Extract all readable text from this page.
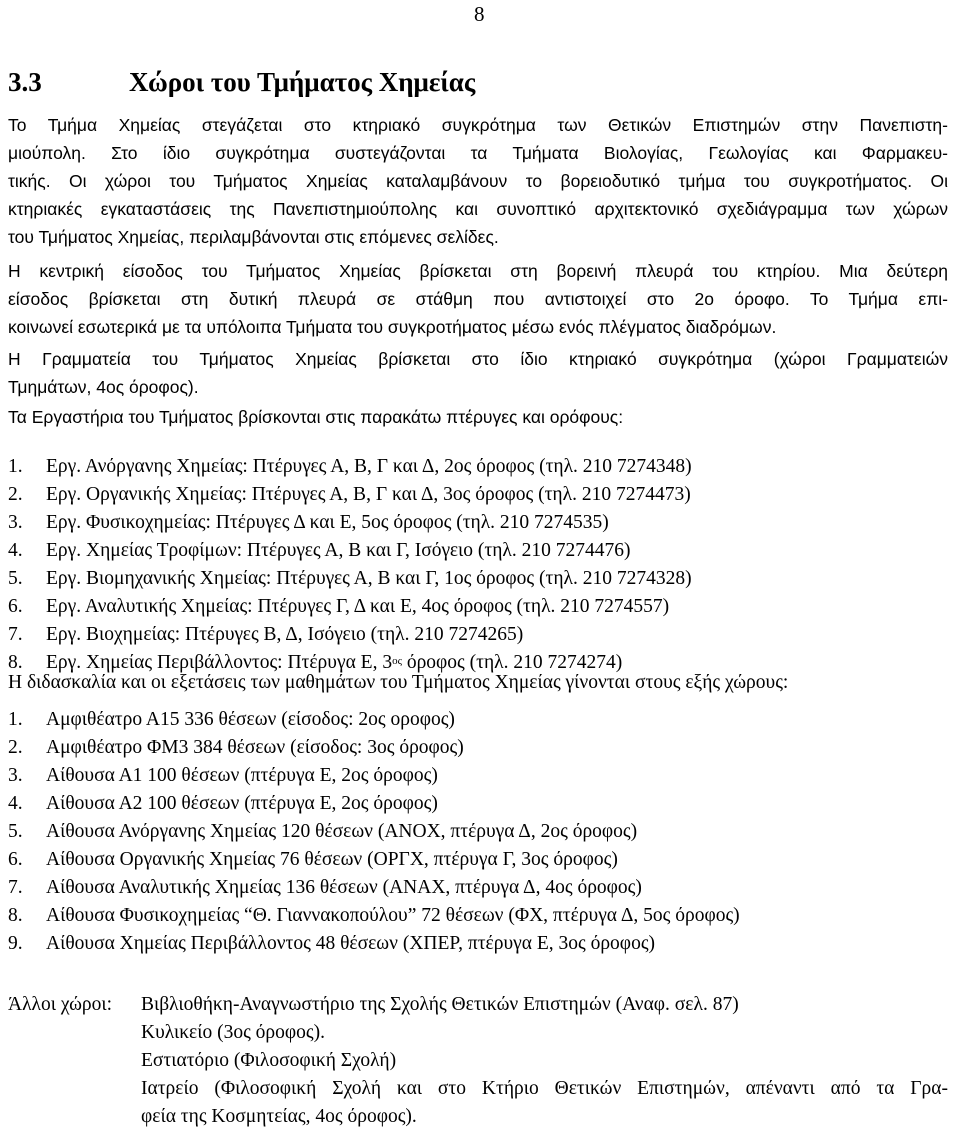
8
3.3	Χώροι του Τμήματος Χημείας
Το Τμήμα Χημείας στεγάζεται στο κτηριακό συγκρότημα των Θετικών Επιστημών στην Πανεπιστη-
μιούπολη. Στο ίδιο συγκρότημα συστεγάζονται τα Τμήματα Βιολογίας, Γεωλογίας και Φαρμακευ-
τικής. Οι χώροι του Τμήματος Χημείας καταλαμβάνουν το βορειοδυτικό τμήμα του συγκροτήματος. Οι
κτηριακές εγκαταστάσεις της Πανεπιστημιούπολης και συνοπτικό αρχιτεκτονικό σχεδιάγραμμα των χώρων
του Τμήματος Χημείας, περιλαμβάνονται στις επόμενες σελίδες.
Η κεντρική είσοδος του Τμήματος Χημείας βρίσκεται στη βορεινή πλευρά του κτηρίου. Μια δεύτερη
είσοδος βρίσκεται στη δυτική πλευρά σε στάθμη που αντιστοιχεί στο 2ο όροφο. Το Τμήμα επι-
κοινωνεί εσωτερικά με τα υπόλοιπα Τμήματα του συγκροτήματος μέσω ενός πλέγματος διαδρόμων.
Η Γραμματεία του Τμήματος Χημείας βρίσκεται στο ίδιο κτηριακό συγκρότημα (χώροι Γραμματειών
Τμημάτων, 4ος όροφος).
Τα Εργαστήρια του Τμήματος βρίσκονται στις παρακάτω πτέρυγες και ορόφους:
1.	Εργ. Ανόργανης Χημείας: Πτέρυγες Α, Β, Γ και Δ, 2ος όροφος (τηλ. 210 7274348)
2.	Εργ. Οργανικής Χημείας: Πτέρυγες Α, Β, Γ και Δ, 3ος όροφος (τηλ. 210 7274473)
3.	Εργ. Φυσικοχημείας: Πτέρυγες Δ και Ε, 5ος όροφος (τηλ. 210 7274535)
4.	Εργ. Χημείας Τροφίμων: Πτέρυγες Α, Β και Γ, Ισόγειο (τηλ. 210 7274476)
5.	Εργ. Βιομηχανικής Χημείας: Πτέρυγες Α, Β και Γ, 1ος όροφος (τηλ. 210 7274328)
6.	Εργ. Αναλυτικής Χημείας: Πτέρυγες Γ, Δ και Ε, 4ος όροφος (τηλ. 210 7274557)
7.	Εργ. Βιοχημείας: Πτέρυγες Β, Δ, Ισόγειο (τηλ. 210 7274265)
8.	Εργ. Χημείας Περιβάλλοντος: Πτέρυγα Ε, $3^{o\varsigma}$ όροφος (τηλ. 210 7274274)
Η διδασκαλία και οι εξετάσεις των μαθημάτων του Τμήματος Χημείας γίνονται στους εξής χώρους:
1.	Αμφιθέατρο Α15 336 θέσεων (είσοδος: 2ος οροφος)
2.	Αμφιθέατρο ΦΜ3 384 θέσεων (είσοδος: 3ος όροφος)
3.	Αίθουσα Α1 100 θέσεων (πτέρυγα Ε, 2ος όροφος)
4.	Αίθουσα Α2 100 θέσεων (πτέρυγα Ε, 2ος όροφος)
5.	Αίθουσα Ανόργανης Χημείας 120 θέσεων (ΑΝΟΧ, πτέρυγα Δ, 2ος όροφος)
6.	Αίθουσα Οργανικής Χημείας 76 θέσεων (ΟΡΓΧ, πτέρυγα Γ, 3ος όροφος)
7.	Αίθουσα Αναλυτικής Χημείας 136 θέσεων (ΑΝΑΧ, πτέρυγα Δ, 4ος όροφος)
8.	Αίθουσα Φυσικοχημείας “Θ. Γιαννακοπούλου” 72 θέσεων (ΦΧ, πτέρυγα Δ, 5ος όροφος)
9.	Αίθουσα Χημείας Περιβάλλοντος 48 θέσεων (ΧΠΕΡ, πτέρυγα Ε, 3ος όροφος)
Άλλοι χώροι: Βιβλιοθήκη-Αναγνωστήριο της Σχολής Θετικών Επιστημών (Αναφ. σελ. 87)
Κυλικείο (3ος όροφος).
Εστιατόριο (Φιλοσοφική Σχολή)
Ιατρείο (Φιλοσοφική Σχολή και στο Κτήριο Θετικών Επιστημών, απέναντι από τα Γρα-
φεία της Κοσμητείας, 4ος όροφος).
